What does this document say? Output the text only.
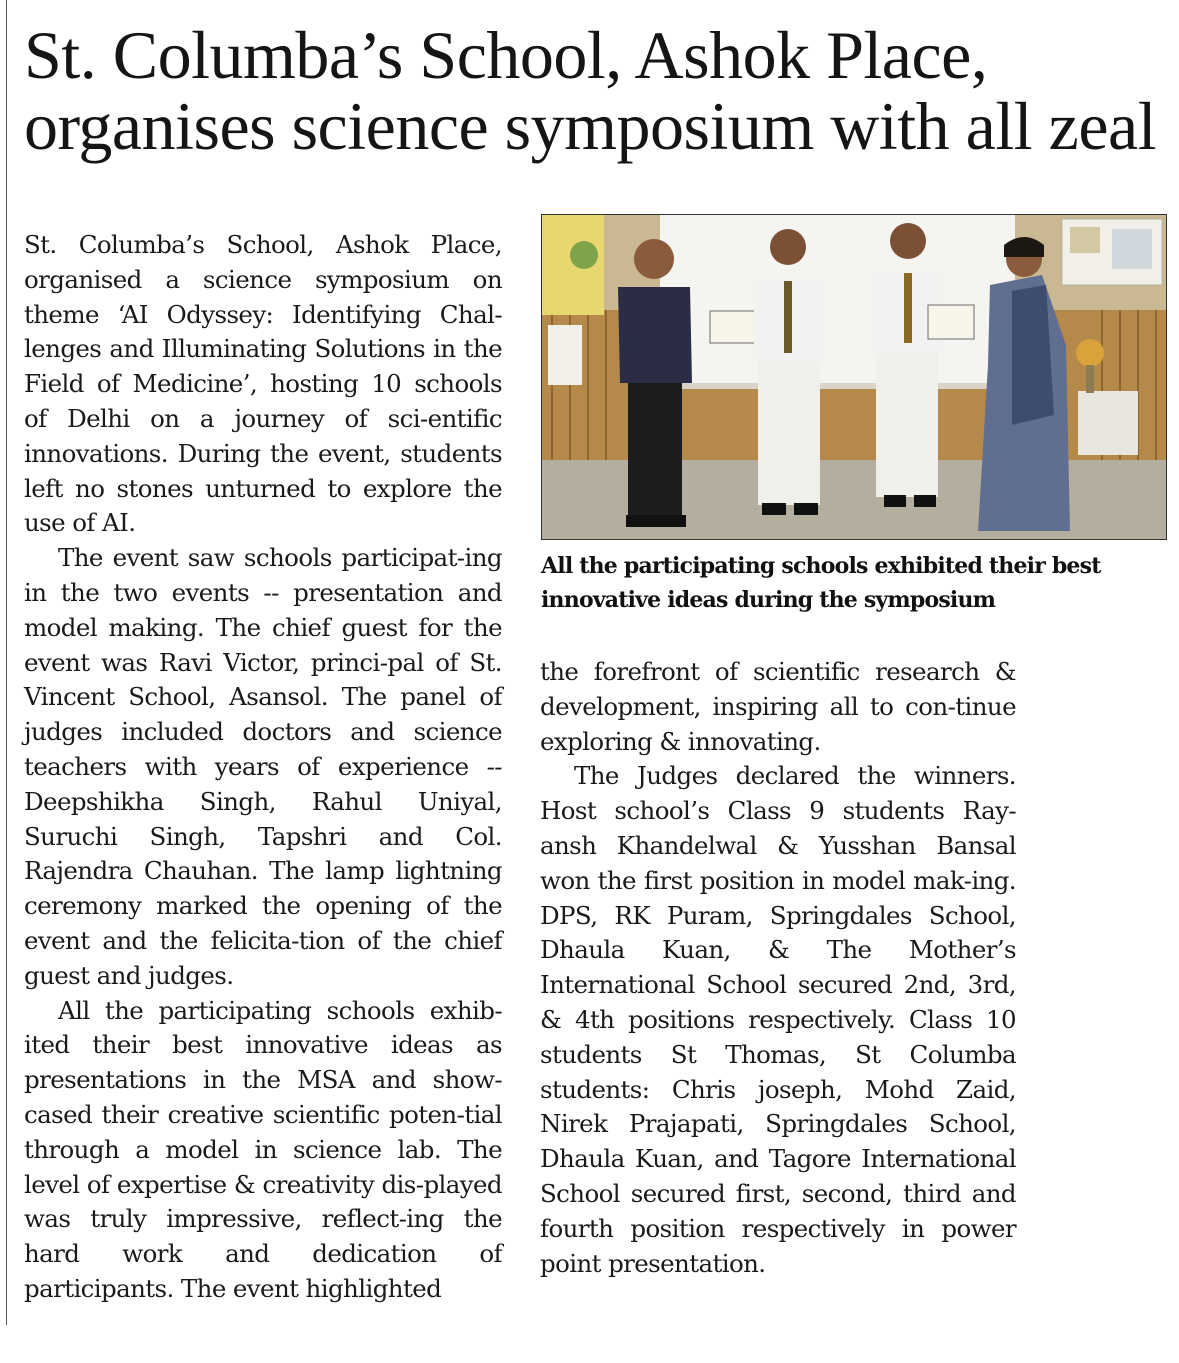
St. Columba’s School, Ashok Place, organises science symposium with all zeal

St. Columba’s School, Ashok Place, organised a science symposium on theme ‘AI Odyssey: Identifying Chal-lenges and Illuminating Solutions in the Field of Medicine’, hosting 10 schools of Delhi on a journey of sci-entific innovations. During the event, students left no stones unturned to explore the use of AI.

The event saw schools participat-ing in the two events -- presentation and model making. The chief guest for the event was Ravi Victor, princi-pal of St. Vincent School, Asansol. The panel of judges included doctors and science teachers with years of experience -- Deepshikha Singh, Rahul Uniyal, Suruchi Singh, Tapshri and Col. Rajendra Chauhan. The lamp lightning ceremony marked the opening of the event and the felicita-tion of the chief guest and judges.

All the participating schools exhib-ited their best innovative ideas as presentations in the MSA and show-cased their creative scientific poten-tial through a model in science lab. The level of expertise & creativity dis-played was truly impressive, reflect-ing the hard work and dedication of participants. The event highlighted

All the participating schools exhibited their best innovative ideas during the symposium

the forefront of scientific research & development, inspiring all to con-tinue exploring & innovating.

The Judges declared the winners. Host school’s Class 9 students Ray-ansh Khandelwal & Yusshan Bansal won the first position in model mak-ing. DPS, RK Puram, Springdales School, Dhaula Kuan, & The Mother’s International School secured 2nd, 3rd, & 4th positions respectively. Class 10 students St Thomas, St Columba students: Chris joseph, Mohd Zaid, Nirek Prajapati, Springdales School, Dhaula Kuan, and Tagore International School secured first, second, third and fourth position respectively in power point presentation.
